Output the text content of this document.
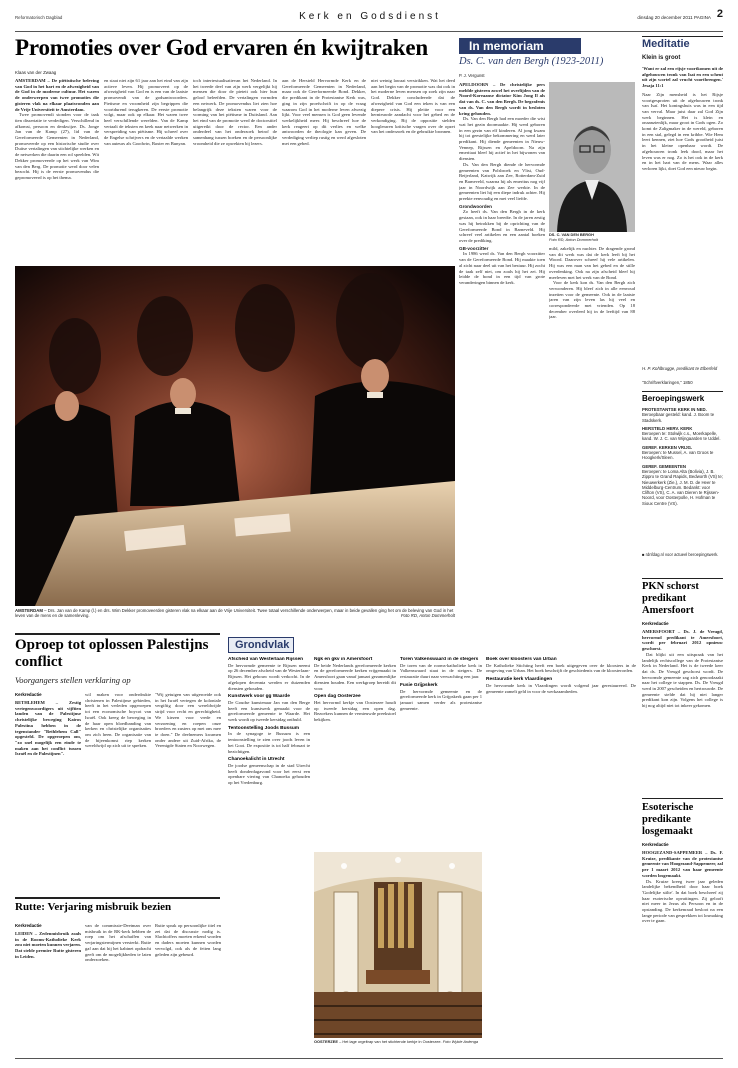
Reformatorisch Dagblad	Kerk en Godsdienst	dinsdag 20 december 2011 PAGINA 2
Promoties over God ervaren én kwijtraken
Klaas van der Zwaag

AMSTERDAM – De piëtistische beleving van God in het hart en de afwezigheid van de God in de moderne cultuur. Het waren de onderwerpen van twee promoties die gisteren vlak na elkaar plaatsvonden aan de Vrije Universiteit te Amsterdam.

Twee promovendi stonden voor de taak tien dissertatie te verdedigen. Verschillend in afkomst, persoon en denkwijze. Ds. Jonge Jan van de Kamp (27), lid van de Gereformeerde Gemeenten in Nederland, promoveerde op een historische studie over Duitse vertalingen van stichtelijke werken en de netwerken die daarin een rol speelden. Wit Dekker promoveerde op het werk van Wim van den Berg. De promotie werd door velen bezocht. Hij is de eerste promovendus die gepromoveerd is op het thema.

en staat niet zijn 61 jaar aan het eind van zijn actieve leven. Hij promoveert op de afwezigheid van God en is een van de laatste promovendi van de godsantwoorders. Pietisme en vroomheid zijn begrippen die voortdurend terugkeren. De eerste promotie volgt, maar ook op elkaar. Het waren twee heel verschillende werelden. Van de Kamp vertaalt de teksten en keek naar netwerken in verspreiding van piëtisme. Hij schreef over de Engelse schrijvers en de vertaalde werken van auteurs als Goodwin, Baxter en Bunyan.

toch intertextualisatievan het Nederland. In het tweede deel van zijn werk vergelijkt hij mensen die door de pieteit ook hier hun geloof beleefden. De vertalingen vormden een netwerk. De promovendus liet zien hoe belangrijk deze teksten waren voor de vorming van het piëtisme in Duitsland. Aan het eind van de promotie werd de doctorstitel uitgereikt door de rector. Een ander onderdeel van het onderzoek betrof de samenhang tussen boeken en de persoonlijke vroomheid die ze opwekten bij lezers.

aan de Hersteld Hervormde Kerk en de Gereformeerde Gemeenten in Nederland, maar ook de Gereformeerde Bond. Dekker, die predikant in de Protestantse Kerk was, ging in zijn proefschrift in op de vraag waarom God in het moderne leven afwezig lijkt. Voor veel mensen is God geen levende werkelijkheid meer. Hij beschreef hoe de kerk reageert op dit verlies en welke antwoorden de theologie kan geven. De verdediging verliep rustig en werd afgesloten met een gebed.

niet weinig lawaai verstrikken. Wat het deed aan het begin van de promotie was dat ook in het moderne leven mensen op zoek zijn naar God. Dekker concludeerde dat de afwezigheid van God een teken is van een diepere crisis. Hij pleitte voor een hernieuwde aandacht voor het gebed en de verkondiging. Bij de oppositie stelden hoogleraren kritische vragen over de opzet van het onderzoek en de gebruikte bronnen.

AMSTERDAM – Drs. Jan van de Kamp (l.) en drs. Wim Dekker promoveerden gisteren vlak na elkaar aan de Vrije Universiteit. Twee totaal verschillende onderwerpen, maar in beide gevallen ging het om de beleving van God in het leven van de mens en de samenleving.	Foto RD, Anton Dommerholt
In memoriam
Ds. C. van den Bergh (1923-2011)
P. J. Vergunst

APELDOORN – De christelijke pers meldde gisteren zowel het overlijden van de Noord-Koreaanse dictator Kim Jong Il als dat van ds. C. van den Bergh. De begrafenis van ds. Van den Bergh wordt in besloten kring gehouden.

Ds. Van den Bergh had een moeder die wist wat het gezin doormaakte. Hij werd geboren in een gezin van elf kinderen. Al jong kwam hij tot geestelijke bekommering en werd later predikant. Hij diende gemeenten in Nieuw-Vennep, Rijssen en Apeldoorn. Na zijn emeritaat bleef hij actief in het bijwonen van diensten.

Ds. Van den Bergh diende de hervormde gemeenten van Polsbroek en Vlist, Oud-Beijerland, Katwijk aan Zee, Rotterdam-Zuid en Barneveld, waarna hij als emeritus nog vijf jaar in Noordwijk aan Zee werkte. In de gemeenten liet hij een diepe indruk achter. Hij preekte eenvoudig en met veel liefde.

Grondwoorden

Zo heeft ds. Van den Bergh in de kerk gestaan, ook in haar breedte. In de jaren zestig was hij betrokken bij de oprichting van de Gereformeerde Bond in Barneveld. Hij schreef veel artikelen en een aantal boeken over de prediking.

GB-voorzitter

In 1986 werd ds. Van den Bergh voorzitter van de Gereformeerde Bond. Hij maakte toen al zicht naar deel uit van het bestuur. Hij zocht de taak zelf niet, om zoals hij het zei. Hij leidde de bond in een tijd van grote veranderingen binnen de kerk.

DS. C. VAN DEN BERGH
Foto RD, Anton Dommerholt

mild, zakelijk en nuchter. De dragende grond van dit werk was dat de kerk leeft bij het Woord. Daarover schreef hij vele artikelen. Hij was een man van het gebed en de stille overdenking. Ook na zijn afscheid bleef hij meeleven met het werk van de Bond.

Voor de kerk kon ds. Van den Bergh zich verwonderen. Hij bleef zich in alle eenvoud inzetten voor de gemeente. Ook in de laatste jaren van zijn leven las hij veel en correspondeerde met vrienden. Op 18 december overleed hij in de leeftijd van 88 jaar.

Meditatie
Klein is groot

'Want er zal een rijsje voortkomen uit de afgehouwen tronk van Isaï en een scheut uit zijn wortel zal vrucht voortbrengen.' Jesaja 11:1

Naar Zijn mensheid is het Rijsje voortgesproten uit de afgehouwen tronk van Isaï. Het koningshuis was in een tijd van verval. Maar juist daar zal God Zijn werk beginnen. Het is klein en onaanzienlijk, maar groot in Gods ogen. Zo komt de Zaligmaker in de wereld, geboren in een stal, gelegd in een kribbe. Wie Hem leert kennen, ziet hoe Gods grootheid juist in het kleine openbaar wordt. De afgehouwen tronk leek dood, maar het leven was er nog. Zo is het ook in de kerk en in het hart van de mens. Waar alles verloren lijkt, doet God een nieuw begin.

H. P. Kohlbrugge, predikant te Elberfeld
"Schriftverklaringen," 1850
Beroepingswerk
PROTESTANTSE KERK IN NED.
Beroepbaar gesteld: kand. J. Boom te Stadskerk.
HERSTELD HERV. KERK
Beroepen te: Stolwijk c.s., Moerkapelle, kand. W. J. C. van Wijngaarden te Uddel.
GEREF. KERKEN VRIJG.
Beroepen: te Mussel, A. van Groos te Hoogkerk/Sleen.
GEREF. GEMEENTEN
Beroepen: te Loma Alta (Bolivia), J. B. Zippro te Grand Rapids, Bedworth (VS) te; Nieuwerkerk (Zie.), J. M. D. de Heer te Middelburg-Centrum. Bedankt: voor Clifton (VS), C. A. van Dieren te Rijssen-Noord, voor Oosterpolle, H. Hofman te Sioux Centre (VS).
■ rdnfdag.nl voor actueel beroepingswerk.
PKN schorst predikant Amersfoort
Kerkredactie

AMERSFOORT – Ds. J. de Vreugd, hervormd predikant te Amersfoort, wordt per februari 2012 opnieuw geschorst.

Dat blijkt uit een uitspraak van het landelijk rechtscollege van de Protestantse Kerk in Nederland. Het is de tweede keer dat ds. De Vreugd geschorst wordt. De hervormde gemeente zag zich genoodzaakt naar het college te stappen. Ds. De Vreugd werd in 2007 gescheiden en hertrouwde. De gemeente stelde dat hij niet langer predikant kon zijn. Volgens het college is hij nog altijd niet tot inkeer gekomen.

Esoterische predikante losgemaakt
Kerkredactie

HOOGEZAND-SAPPEMEER – Ds. F. Kruize, predikante van de protestantse gemeente van Hoogezand-Sappemeer, zal per 1 maart 2012 van haar gemeente worden losgemaakt.

Ds. Kruize kreeg twee jaar geleden landelijke bekendheid door haar boek 'Godelijke stilte'. In dat boek beschreef zij haar esoterische opvattingen. Zij gelooft niet meer in Jezus als Persoon en in de opstanding. De kerkenraad besloot na een lange periode van gesprekken tot losmaking over te gaan.

Oproep tot oplossen Palestijns conflict
Voorgangers stellen verklaring op
Kerkredactie

BETHLEHEM – Zestig vertegenwoordigers uit vijftien landen van de Palestijnse christelijke beweging Kairos Palestina hebben in de tegenstander "Bethlehem Call" opgesteld. De opgeroepen om, "zo snel mogelijk een einde te maken aan het conflict tussen Israël en de Palestijnen".

wil maken voor onderdrukte christenen in Palestijnse gebieden, heeft in het verleden opgeroepen tot een economische boycot van Israël. Ook kreeg de beweging in de haar open bloedbanding van kerken en christelijke organisaties om zich heen. De organisatie van de bijeenkomst riep kerken wereldwijd op zich uit te spreken.

"Wij getuigen van uitgeroeide ook in het Israël vertegen de koloniale vergiftig door een wereldwijde strijd voor recht en gerechtigheid. We kiezen voor vrede en verzoening en roepen onze broeders en zusters op met ons mee te doen." De deelnemers kwamen onder andere uit Zuid-Afrika, de Verenigde Staten en Noorwegen.

Rutte: Verjaring misbruik bezien
Kerkredactie

LEIDEN – Zedenmisbruik zoals in de Rooms-Katholieke Kerk zou niet moeten kunnen verjaren. Dat stelde premier Rutte gisteren in Leiden.

van de commissie-Deetman over misbruik in de RK-kerk hebben de roep om het afschaffen van verjaringstermijnen versterkt. Rutte gaf aan dat hij het kabinet opdracht geeft om de mogelijkheden te laten onderzoeken.

Rutte sprak op persoonlijke titel en zei dat de discussie nodig is. Slachtoffers moeten erkend worden en daders moeten kunnen worden vervolgd, ook als de feiten lang geleden zijn gebeurd.

Grondvlak
Afscheid van Westerlaan Rijssen

De hervormde gemeente te Rijssen neemt op 26 december afscheid van de Westerlaan-Rijssen. Het gebouw wordt verkocht. In de afgelopen decennia werden er duizenden diensten gehouden.

Kunstwerk voor gg Waarde

De Goudse kunstenaar Jan van den Berge heeft een kunstwerk gemaakt voor de gereformeerde gemeente te Waarde. Het werk wordt op tweede kerstdag onthuld.

Tentoonstelling Joods Bussum

In de synagoge te Bussum is een tentoonstelling te zien over joods leven in het Gooi. De expositie is tot half februari te bezichtigen.

Chanoekalicht in Utrecht

De joodse gemeenschap in de stad Utrecht heeft donderdagavond voor het eerst een openbare viering van Chanoeka gehouden op het Vredenburg.

Ngk en gkv in Amersfoort

De beide Nederlands gereformeerde kerken en de gereformeerde kerken vrijgemaakt in Amersfoort gaan vanaf januari gezamenlijke diensten houden. Een werkgroep bereidt dit voor.

Open dag Oosterzee

Het hervormd kerkje van Oosterzee houdt op tweede kerstdag een open dag. Bezoekers kunnen de vernieuwde preekstoel bekijken.

Toren Valkenswaard in de steigers

De toren van de rooms-katholieke kerk in Valkenswaard staat in de steigers. De restauratie duurt naar verwachting een jaar.

Fusie Grijpskerk

De hervormde gemeente en de gereformeerde kerk in Grijpskerk gaan per 1 januari samen verder als protestantse gemeente.

Boek over kloosters van Urban

De Katholieke Stichting heeft een boek uitgegeven over de kloosters in de omgeving van Urban. Het boek beschrijft de geschiedenis van de kloosterorden.

Restauratie kerk Vlaardingen

De hervormde kerk in Vlaardingen wordt volgend jaar gerestaureerd. De gemeente zamelt geld in voor de werkzaamheden.

OOSTERZEE – Het lage orgeltrap van het stichtende kerkje in Oosterzee. Foto Wyble Ardenga
